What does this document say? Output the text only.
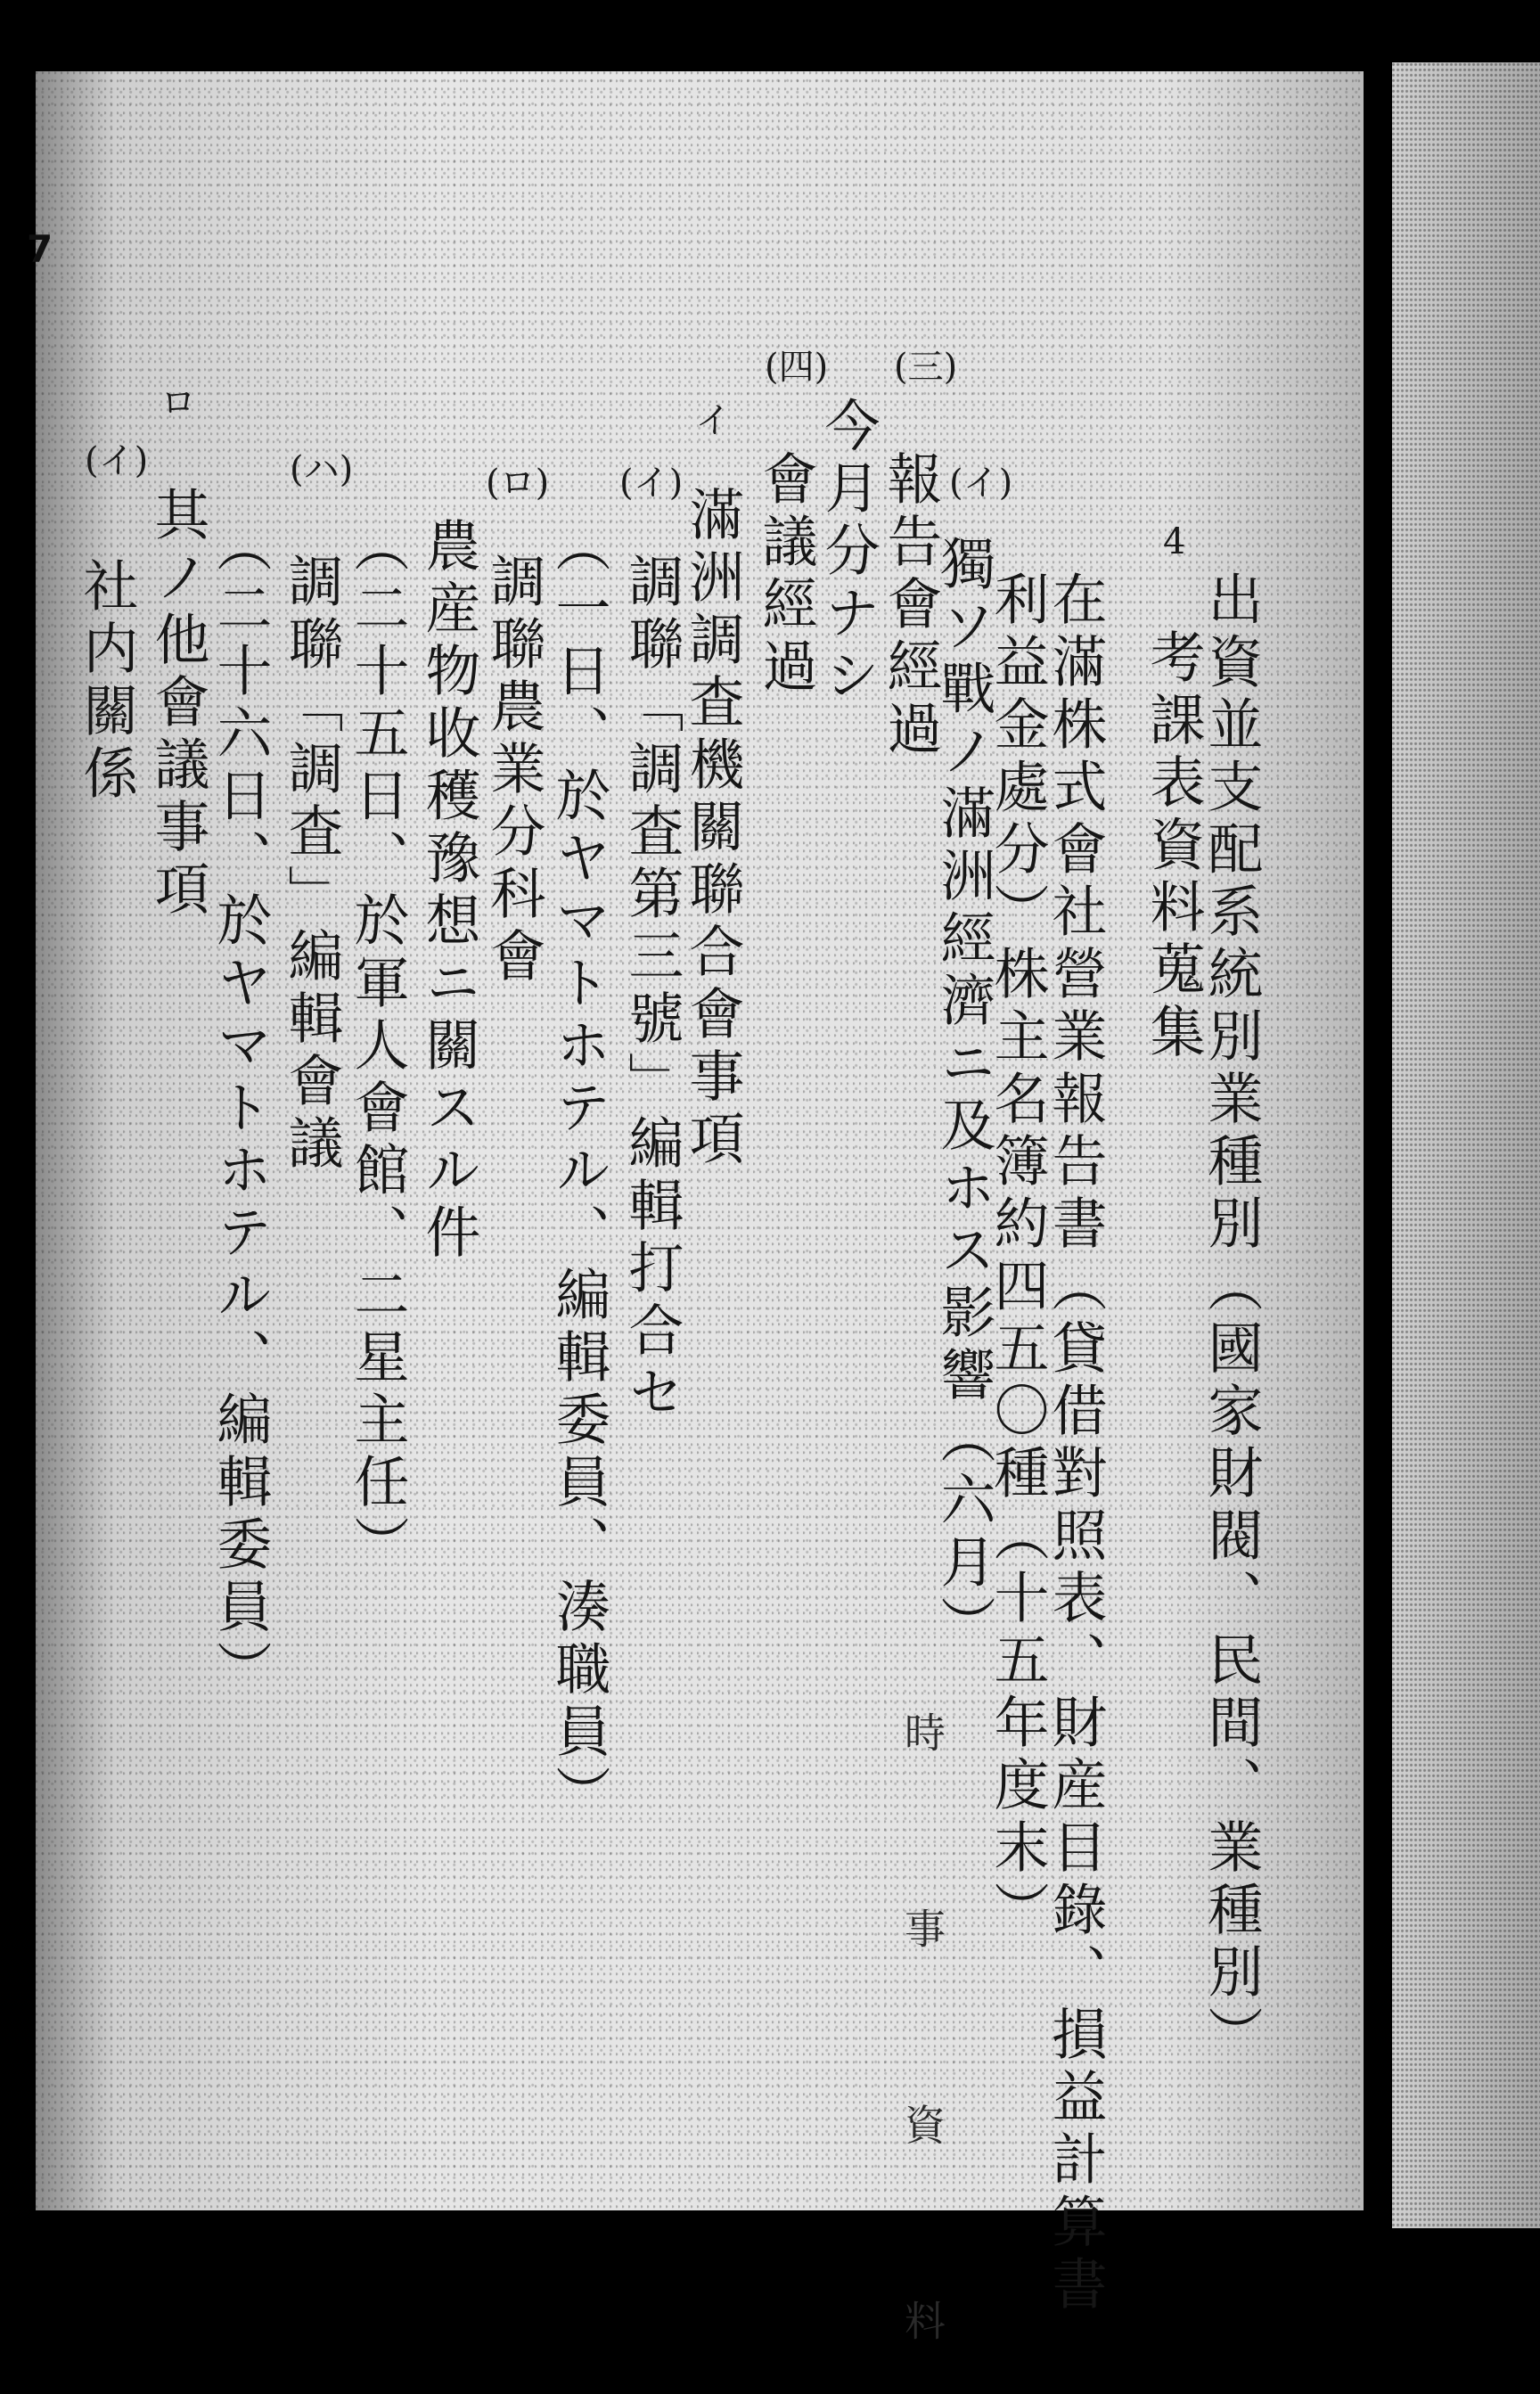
7
出資並支配系統別業種別（國家財閥、民間、業種別）
考課表資料蒐集
在滿株式會社營業報告書（貸借對照表、財産目錄、損益計算書
利益金處分）株主名簿約四五〇種（十五年度末）
獨ソ戰ノ滿洲經濟ニ及ホス影響（六月）
報告會經過
今月分ナシ
會議經過
滿洲調査機關聯合會事項
調聯「調査第三號」編輯打合セ
（一日、於ヤマトホテル、編輯委員、湊職員）
調聯農業分科會
農産物收穫豫想ニ關スル件
（二十五日、於軍人會館、二星主任）
調聯「調査」編輯會議
（二十六日、於ヤマトホテル、編輯委員）
其ノ他會議事項
社内關係
4
(三)
(四)
イ
(イ)
(イ)
(ロ)
(ハ)
ロ
(イ)
時 事 資 料
